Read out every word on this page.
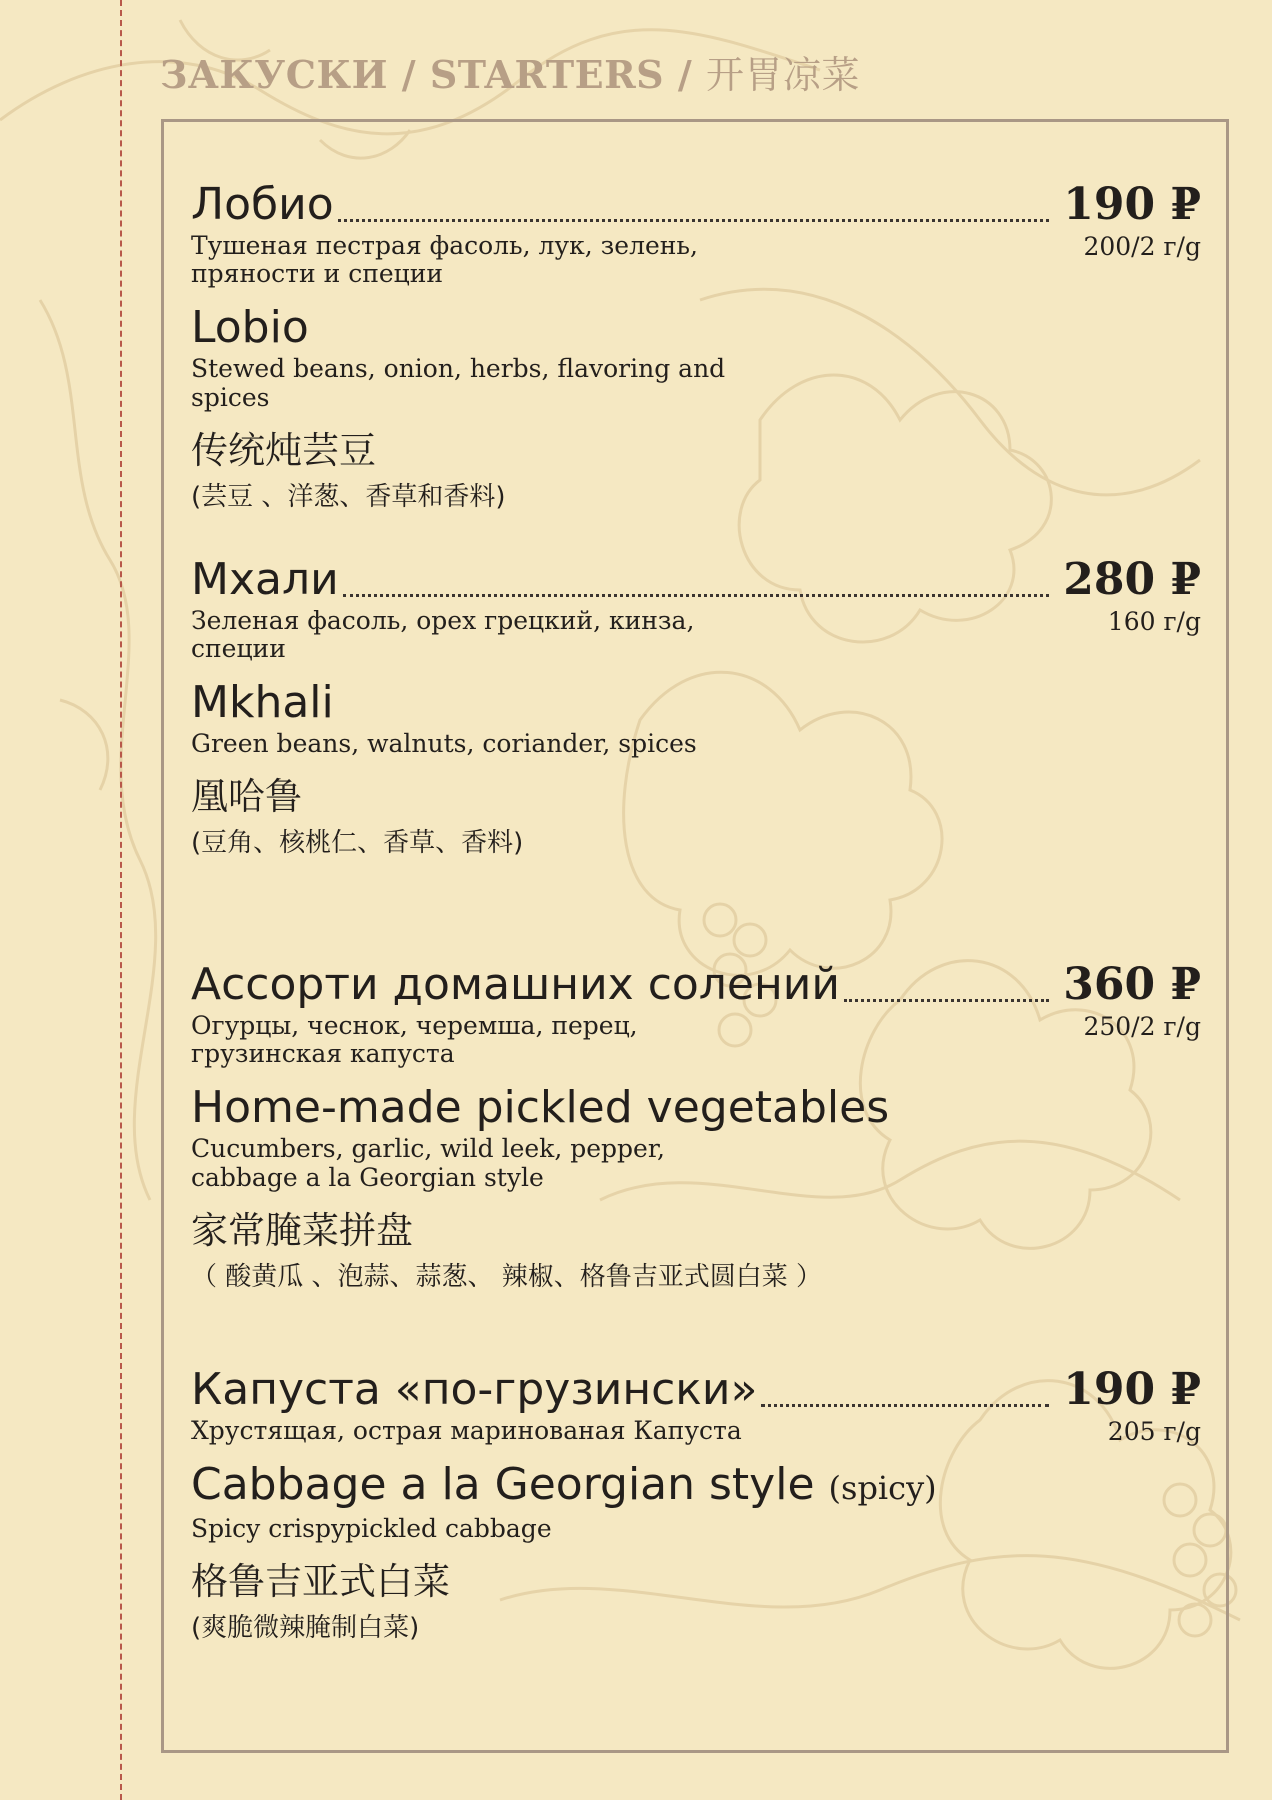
ЗАКУСКИ / STARTERS / 开胃凉菜
Лобио	190 ₽
200/2 г/g
Тушеная пестрая фасоль, лук, зелень, пряности и специи
Lobio
Stewed beans, onion, herbs, flavoring and spices
传统炖芸豆
(芸豆 、洋葱、香草和香料)
Мхали	280 ₽
160 г/g
Зеленая фасоль, орех грецкий, кинза, специи
Mkhali
Green beans, walnuts, coriander, spices
凰哈鲁
(豆角、核桃仁、香草、香料)
Ассорти домашних солений	360 ₽
250/2 г/g
Огурцы, чеснок, черемша, перец, грузинская капуста
Home-made pickled vegetables
Cucumbers, garlic, wild leek, pepper, cabbage a la Georgian style
家常腌菜拼盘
（ 酸黄瓜 、泡蒜、蒜葱、 辣椒、格鲁吉亚式圆白菜 ）
Капуста «по-грузински»	190 ₽
205 г/g
Хрустящая, острая маринованая Капуста
Cabbage a la Georgian style (spicy)
Spicy crispypickled cabbage
格鲁吉亚式白菜
(爽脆微辣腌制白菜)
